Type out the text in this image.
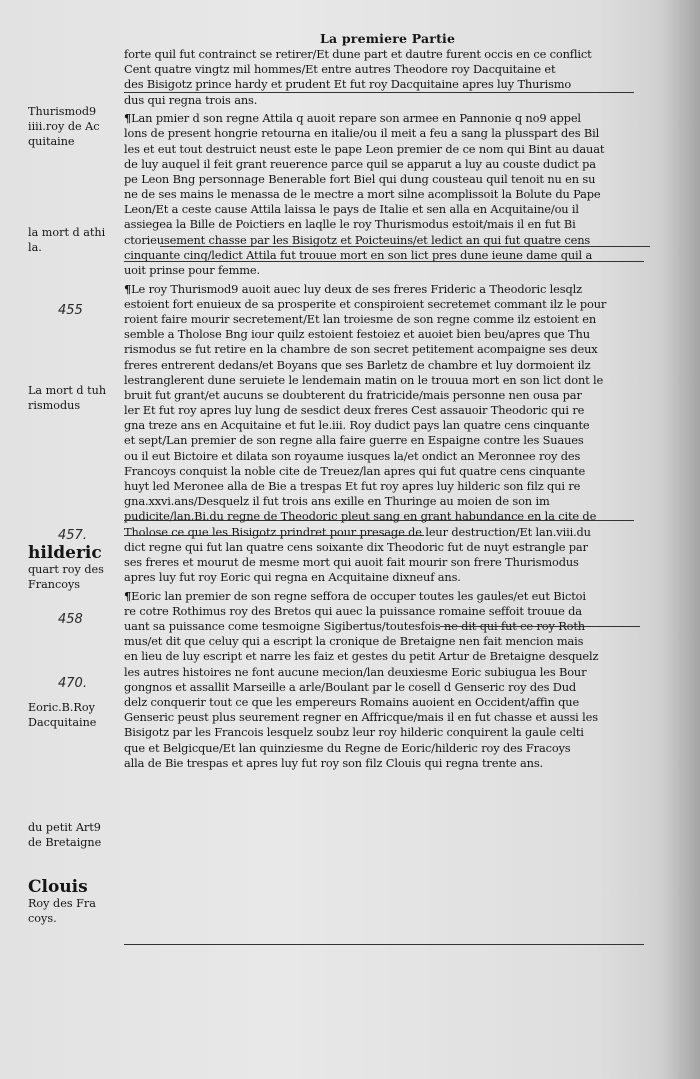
La premiere Partie
forte quil fut contrainct se retirer/Et dune part et dautre furent occis en ce conflict
Cent quatre vingtz mil hommes/Et entre autres Theodore roy Dacquitaine et
des Bisigotz prince hardy et prudent Et fut roy Dacquitaine apres luy Thurismo
dus qui regna trois ans.
¶Lan pmier d son regne Attila q auoit repare son armee en Pannonie q no9 appel
lons de present hongrie retourna en italie/ou il meit a feu a sang la plusspart des Bil
les et eut tout destruict neust este le pape Leon premier de ce nom qui Bint au dauat
de luy auquel il feit grant reuerence parce quil se apparut a luy au couste dudict pa
pe Leon Bng personnage Benerable fort Biel qui dung cousteau quil tenoit nu en su
ne de ses mains le menassa de le mectre a mort silne acomplissoit la Bolute du Pape
Leon/Et a ceste cause Attila laissa le pays de Italie et sen alla en Acquitaine/ou il
assiegea la Bille de Poictiers en laqlle le roy Thurismodus estoit/mais il en fut Bi
ctorieusement chasse par les Bisigotz et Poicteuins/et ledict an qui fut quatre cens
cinquante cinq/ledict Attila fut trouue mort en son lict pres dune ieune dame quil a
uoit prinse pour femme.
¶Le roy Thurismod9 auoit auec luy deux de ses freres Frideric a Theodoric lesqlz
estoient fort enuieux de sa prosperite et conspiroient secretemet commant ilz le pour
roient faire mourir secretement/Et lan troiesme de son regne comme ilz estoient en
semble a Tholose Bng iour quilz estoient festoiez et auoiet bien beu/apres que Thu
rismodus se fut retire en la chambre de son secret petitement acompaigne ses deux
freres entrerent dedans/et Boyans que ses Barletz de chambre et luy dormoient ilz
lestranglerent dune seruiete le lendemain matin on le trouua mort en son lict dont le
bruit fut grant/et aucuns se doubterent du fratricide/mais personne nen ousa par
ler Et fut roy apres luy lung de sesdict deux freres Cest assauoir Theodoric qui re
gna treze ans en Acquitaine et fut le.iii. Roy dudict pays lan quatre cens cinquante
et sept/Lan premier de son regne alla faire guerre en Espaigne contre les Suaues
ou il eut Bictoire et dilata son royaume iusques la/et ondict an Meronnee roy des
Francoys conquist la noble cite de Treuez/lan apres qui fut quatre cens cinquante
huyt led Meronee alla de Bie a trespas Et fut roy apres luy hilderic son filz qui re
gna.xxvi.ans/Desquelz il fut trois ans exille en Thuringe au moien de son im
pudicite/lan.Bi.du regne de Theodoric pleut sang en grant habundance en la cite de
Tholose ce que les Bisigotz prindret pour presage de leur destruction/Et lan.viii.du
dict regne qui fut lan quatre cens soixante dix Theodoric fut de nuyt estrangle par
ses freres et mourut de mesme mort qui auoit fait mourir son frere Thurismodus
apres luy fut roy Eoric qui regna en Acquitaine dixneuf ans.
¶Eoric lan premier de son regne seffora de occuper toutes les gaules/et eut Bictoi
re cotre Rothimus roy des Bretos qui auec la puissance romaine seffoit trouue da
uant sa puissance come tesmoigne Sigibertus/toutesfois ne dit qui fut ce roy Roth
mus/et dit que celuy qui a escript la cronique de Bretaigne nen fait mencion mais
en lieu de luy escript et narre les faiz et gestes du petit Artur de Bretaigne desquelz
les autres histoires ne font aucune mecion/lan deuxiesme Eoric subiugua les Bour
gongnos et assallit Marseille a arle/Boulant par le cosell d Genseric roy des Dud
delz conquerir tout ce que les empereurs Romains auoient en Occident/affin que
Genseric peust plus seurement regner en Affricque/mais il en fut chasse et aussi les
Bisigotz par les Francois lesquelz soubz leur roy hilderic conquirent la gaule celti
que et Belgicque/Et lan quinziesme du Regne de Eoric/hilderic roy des Fracoys
alla de Bie trespas et apres luy fut roy son filz Clouis qui regna trente ans.
Thurismod9
iiii.roy de Ac
quitaine
la mort d athi
la.
La mort d tuh
rismodus
hilderic
quart roy des
Francoys
Eoric.B.Roy
Dacquitaine
du petit Art9
de Bretaigne
Clouis
Roy des Fra
coys.
455
457.
458
470.
